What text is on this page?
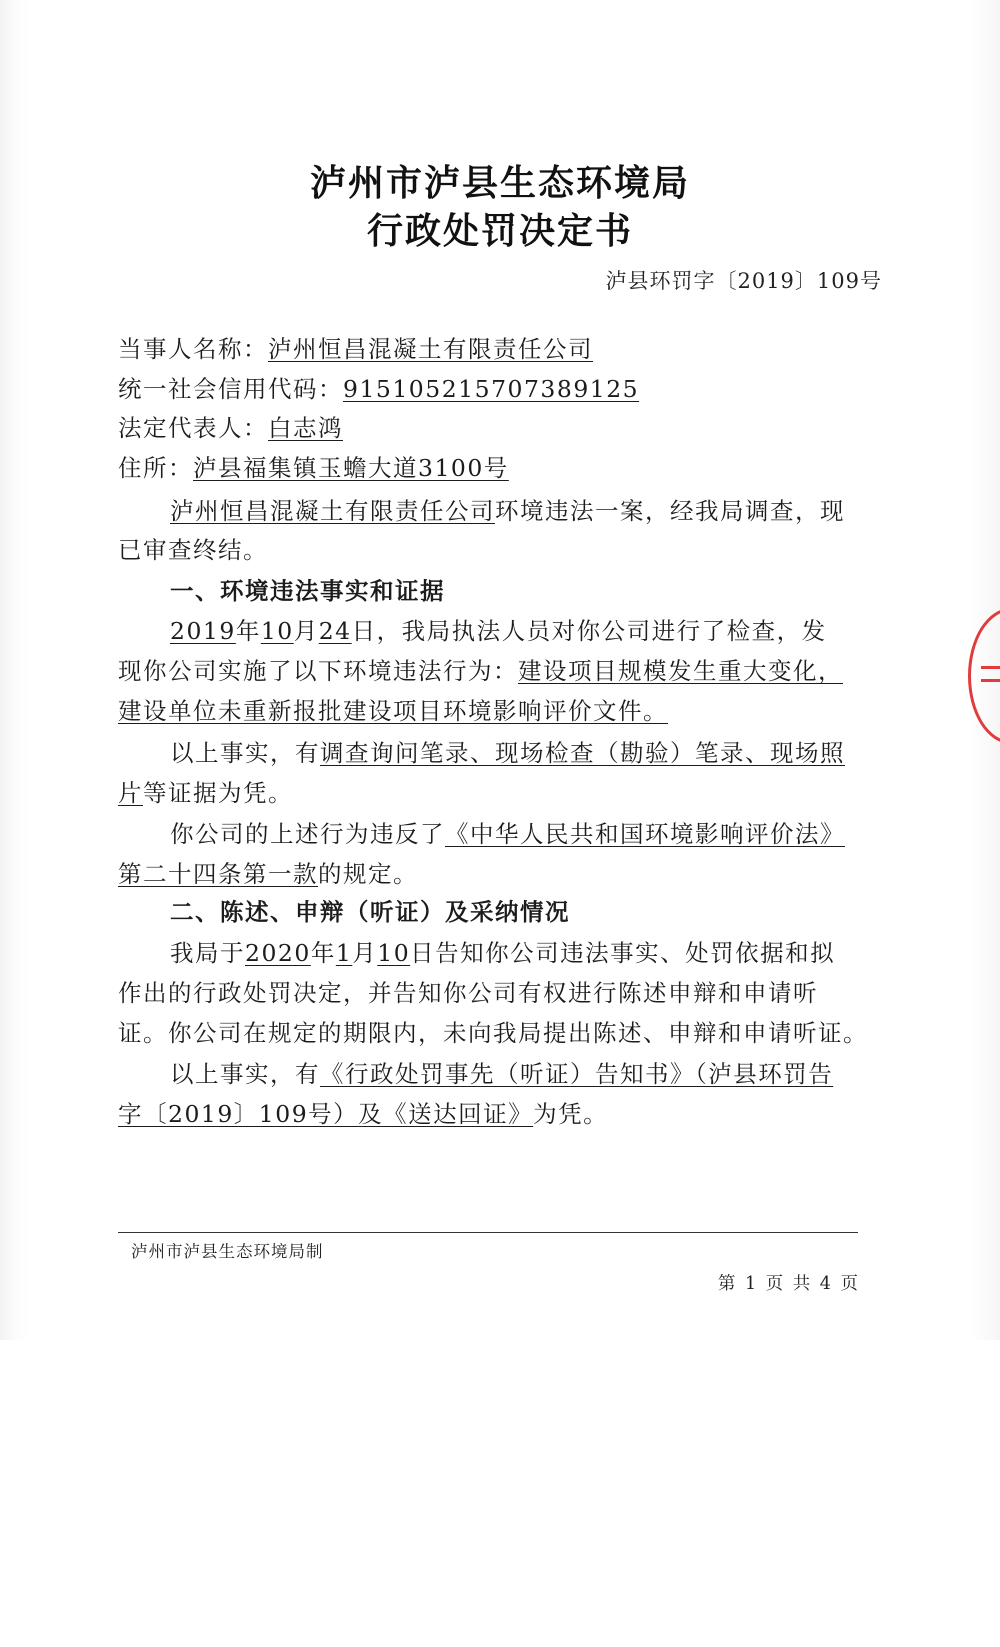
泸州市泸县生态环境局
行政处罚决定书
泸县环罚字〔2019〕109号
当事人名称：泸州恒昌混凝土有限责任公司
统一社会信用代码：915105215707389125
法定代表人：白志鸿
住所：泸县福集镇玉蟾大道3100号
泸州恒昌混凝土有限责任公司环境违法一案，经我局调查，现
已审查终结。
一、环境违法事实和证据
2019年10月24日，我局执法人员对你公司进行了检查，发
现你公司实施了以下环境违法行为：建设项目规模发生重大变化，
建设单位未重新报批建设项目环境影响评价文件。
以上事实，有调查询问笔录、现场检查（勘验）笔录、现场照
片等证据为凭。
你公司的上述行为违反了《中华人民共和国环境影响评价法》
第二十四条第一款的规定。
二、陈述、申辩（听证）及采纳情况
我局于2020年1月10日告知你公司违法事实、处罚依据和拟
作出的行政处罚决定，并告知你公司有权进行陈述申辩和申请听
证。你公司在规定的期限内，未向我局提出陈述、申辩和申请听证。
以上事实，有《行政处罚事先（听证）告知书》（泸县环罚告
字〔2019〕109号）及《送达回证》为凭。
泸州市泸县生态环境局制
第 1 页 共 4 页
